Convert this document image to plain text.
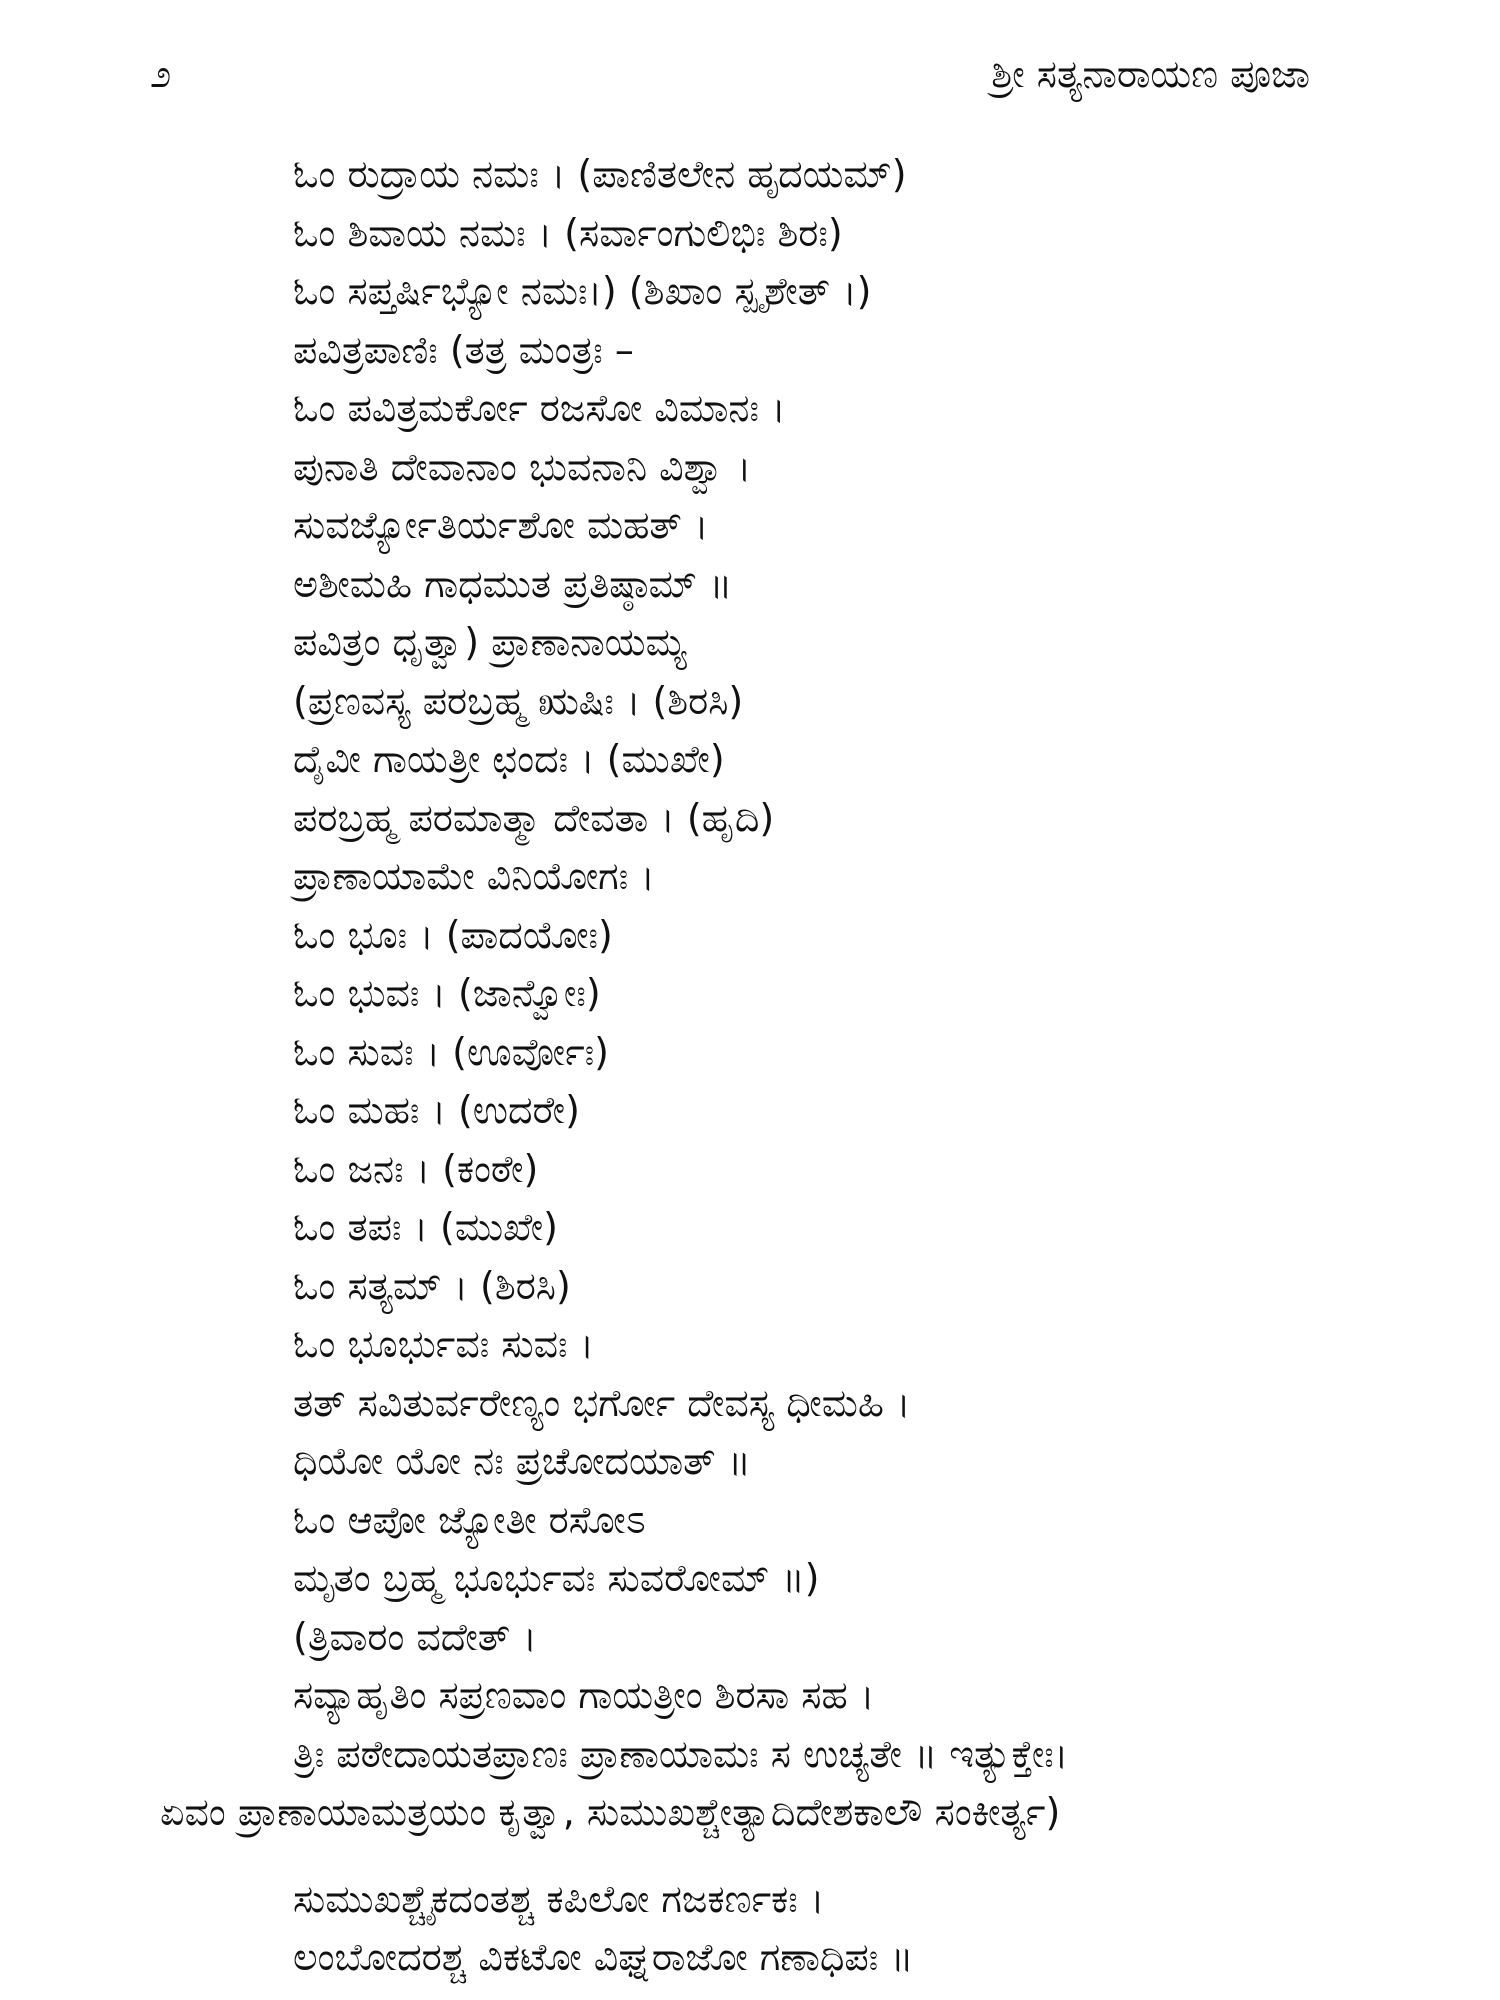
೨	ಶ್ರೀ ಸತ್ಯನಾರಾಯಣ ಪೂಜಾ
ಓಂ ರುದ್ರಾಯ ನಮಃ । (ಪಾಣಿತಲೇನ ಹೃದಯಮ್)
ಓಂ ಶಿವಾಯ ನಮಃ । (ಸರ್ವಾಂಗುಲಿಭಿಃ ಶಿರಃ)
ಓಂ ಸಪ್ತರ್ಷಿಭ್ಯೋ ನಮಃ।) (ಶಿಖಾಂ ಸ್ಪೃಶೇತ್ ।)
ಪವಿತ್ರಪಾಣಿಃ (ತತ್ರ ಮಂತ್ರಃ –
ಓಂ ಪವಿತ್ರಮರ್ಕೋ ರಜಸೋ ವಿಮಾನಃ ।
ಪುನಾತಿ ದೇವಾನಾಂ ಭುವನಾನಿ ವಿಶ್ವಾ ।
ಸುವರ್ಜ್ಯೋತಿರ್ಯಶೋ ಮಹತ್ ।
ಅಶೀಮಹಿ ಗಾಧಮುತ ಪ್ರತಿಷ್ಠಾಮ್ ॥
ಪವಿತ್ರಂ ಧೃತ್ವಾ) ಪ್ರಾಣಾನಾಯಮ್ಯ
(ಪ್ರಣವಸ್ಯ ಪರಬ್ರಹ್ಮ ಋಷಿಃ । (ಶಿರಸಿ)
ದೈವೀ ಗಾಯತ್ರೀ ಛಂದಃ । (ಮುಖೇ)
ಪರಬ್ರಹ್ಮ ಪರಮಾತ್ಮಾ ದೇವತಾ । (ಹೃದಿ)
ಪ್ರಾಣಾಯಾಮೇ ವಿನಿಯೋಗಃ ।
ಓಂ ಭೂಃ । (ಪಾದಯೋಃ)
ಓಂ ಭುವಃ । (ಜಾನ್ವೋಃ)
ಓಂ ಸುವಃ । (ಊರ್ವೋಃ)
ಓಂ ಮಹಃ । (ಉದರೇ)
ಓಂ ಜನಃ । (ಕಂಠೇ)
ಓಂ ತಪಃ । (ಮುಖೇ)
ಓಂ ಸತ್ಯಮ್ । (ಶಿರಸಿ)
ಓಂ ಭೂರ್ಭುವಃ ಸುವಃ ।
ತತ್ ಸವಿತುರ್ವರೇಣ್ಯಂ ಭರ್ಗೋ ದೇವಸ್ಯ ಧೀಮಹಿ ।
ಧಿಯೋ ಯೋ ನಃ ಪ್ರಚೋದಯಾತ್ ॥
ಓಂ ಆಪೋ ಜ್ಯೋತೀ ರಸೋಽ
ಮೃತಂ ಬ್ರಹ್ಮ ಭೂರ್ಭುವಃ ಸುವರೋಮ್ ॥)
(ತ್ರಿವಾರಂ ವದೇತ್ ।
ಸವ್ಯಾಹೃತಿಂ ಸಪ್ರಣವಾಂ ಗಾಯತ್ರೀಂ ಶಿರಸಾ ಸಹ ।
ತ್ರಿಃ ಪಠೇದಾಯತಪ್ರಾಣಃ ಪ್ರಾಣಾಯಾಮಃ ಸ ಉಚ್ಯತೇ ॥ ಇತ್ಯುಕ್ತೇಃ।
ಏವಂ ಪ್ರಾಣಾಯಾಮತ್ರಯಂ ಕೃತ್ವಾ, ಸುಮುಖಶ್ಚೇತ್ಯಾದಿದೇಶಕಾಲೌ ಸಂಕೀರ್ತ್ಯ)
ಸುಮುಖಶ್ಚೈಕದಂತಶ್ಚ ಕಪಿಲೋ ಗಜಕರ್ಣಕಃ ।
ಲಂಬೋದರಶ್ಚ ವಿಕಟೋ ವಿಘ್ನರಾಜೋ ಗಣಾಧಿಪಃ ॥
